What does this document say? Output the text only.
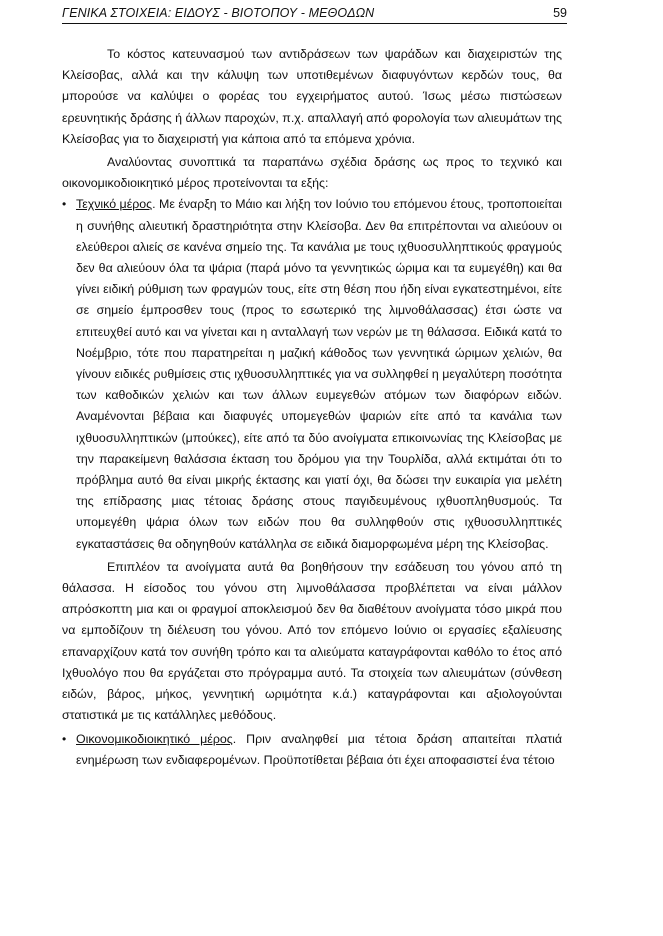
ΓΕΝΙΚΑ ΣΤΟΙΧΕΙΑ: ΕΙΔΟΥΣ - ΒΙΟΤΟΠΟΥ - ΜΕΘΟΔΩΝ	59

Το κόστος κατευνασμού των αντιδράσεων των ψαράδων και διαχειριστών της Κλείσοβας, αλλά και την κάλυψη των υποτιθεμένων διαφυγόντων κερδών τους, θα μπορούσε να καλύψει ο φορέας του εγχειρήματος αυτού. Ίσως μέσω πιστώσεων ερευνητικής δράσης ή άλλων παροχών, π.χ. απαλλαγή από φορολογία των αλιευμάτων της Κλείσοβας για το διαχειριστή για κάποια από τα επόμενα χρόνια.

Αναλύοντας συνοπτικά τα παραπάνω σχέδια δράσης ως προς το τεχνικό και οικονομικοδιοικητικό μέρος προτείνονται τα εξής:

• Τεχνικό μέρος. Με έναρξη το Μάιο και λήξη τον Ιούνιο του επόμενου έτους, τροποποιείται η συνήθης αλιευτική δραστηριότητα στην Κλείσοβα. Δεν θα επιτρέπονται να αλιεύουν οι ελεύθεροι αλιείς σε κανένα σημείο της. Τα κανάλια με τους ιχθυοσυλληπτικούς φραγμούς δεν θα αλιεύουν όλα τα ψάρια (παρά μόνο τα γεννητικώς ώριμα και τα ευμεγέθη) και θα γίνει ειδική ρύθμιση των φραγμών τους, είτε στη θέση που ήδη είναι εγκατεστημένοι, είτε σε σημείο έμπροσθεν τους (προς το εσωτερικό της λιμνοθάλασσας) έτσι ώστε να επιτευχθεί αυτό και να γίνεται και η ανταλλαγή των νερών με τη θάλασσα. Ειδικά κατά το Νοέμβριο, τότε που παρατηρείται η μαζική κάθοδος των γεννητικά ώριμων χελιών, θα γίνουν ειδικές ρυθμίσεις στις ιχθυοσυλληπτικές για να συλληφθεί η μεγαλύτερη ποσότητα των καθοδικών χελιών και των άλλων ευμεγεθών ατόμων των διαφόρων ειδών. Αναμένονται βέβαια και διαφυγές υπομεγεθών ψαριών είτε από τα κανάλια των ιχθυοσυλληπτικών (μπούκες), είτε από τα δύο ανοίγματα επικοινωνίας της Κλείσοβας με την παρακείμενη θαλάσσια έκταση του δρόμου για την Τουρλίδα, αλλά εκτιμάται ότι το πρόβλημα αυτό θα είναι μικρής έκτασης και γιατί όχι, θα δώσει την ευκαιρία για μελέτη της επίδρασης μιας τέτοιας δράσης στους παγιδευμένους ιχθυοπληθυσμούς. Τα υπομεγέθη ψάρια όλων των ειδών που θα συλληφθούν στις ιχθυοσυλληπτικές εγκαταστάσεις θα οδηγηθούν κατάλληλα σε ειδικά διαμορφωμένα μέρη της Κλείσοβας.

Επιπλέον τα ανοίγματα αυτά θα βοηθήσουν την εσάδευση του γόνου από τη θάλασσα. Η είσοδος του γόνου στη λιμνοθάλασσα προβλέπεται να είναι μάλλον απρόσκοπτη μια και οι φραγμοί αποκλεισμού δεν θα διαθέτουν ανοίγματα τόσο μικρά που να εμποδίζουν τη διέλευση του γόνου. Από τον επόμενο Ιούνιο οι εργασίες εξαλίευσης επαναρχίζουν κατά τον συνήθη τρόπο και τα αλιεύματα καταγράφονται καθόλο το έτος από Ιχθυολόγο που θα εργάζεται στο πρόγραμμα αυτό. Τα στοιχεία των αλιευμάτων (σύνθεση ειδών, βάρος, μήκος, γεννητική ωριμότητα κ.ά.) καταγράφονται και αξιολογούνται στατιστικά με τις κατάλληλες μεθόδους.

• Οικονομικοδιοικητικό μέρος. Πριν αναληφθεί μια τέτοια δράση απαιτείται πλατιά ενημέρωση των ενδιαφερομένων. Προϋποτίθεται βέβαια ότι έχει αποφασιστεί ένα τέτοιο
